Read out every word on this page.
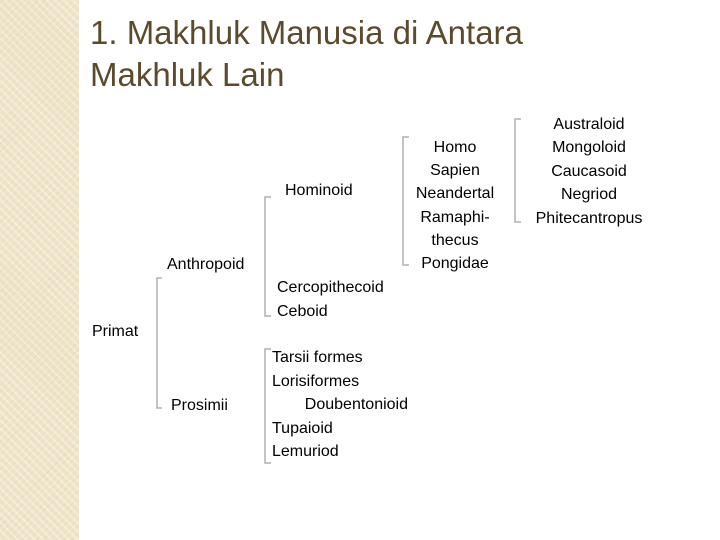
1. Makhluk Manusia di Antara
Makhluk Lain

Primat

Anthropoid

Prosimii

Hominoid

Cercopithecoid
Ceboid
Tarsii formes
Lorisiformes
Doubentonioid
Tupaioid
Lemuriod
Homo
Sapien
Neandertal
Ramaphi-
thecus
Pongidae
Australoid
Mongoloid
Caucasoid
Negriod
Phitecantropus
